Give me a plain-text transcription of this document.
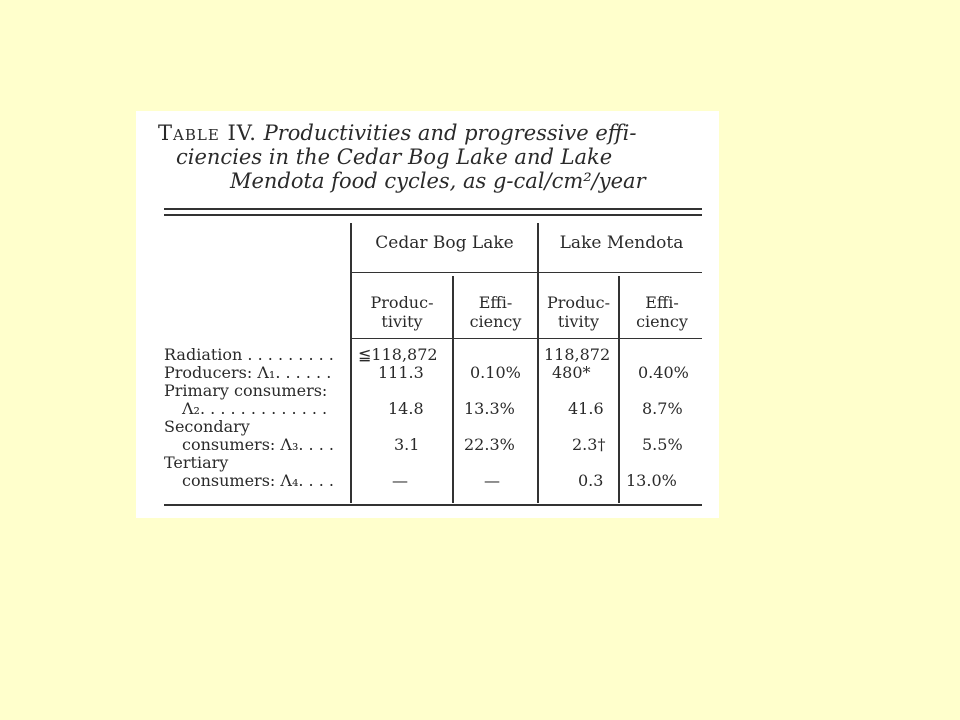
Table IV. Productivities and progressive effi-
ciencies in the Cedar Bog Lake and Lake
Mendota food cycles, as g-cal/cm²/year
Cedar Bog Lake	Lake Mendota
Produc-
tivity
Effi-
ciency
Produc-
tivity
Effi-
ciency
Radiation . . . . . . . . .
Producers: Λ₁. . . . . .
Primary consumers:
Λ₂. . . . . . . . . . . . .
Secondary
consumers: Λ₃. . . .
Tertiary
consumers: Λ₄. . . .
≦118,872
111.3
14.8
3.1
—
0.10%
13.3%
22.3%
—
118,872
480*
41.6
2.3†
0.3
0.40%
8.7%
5.5%
13.0%
